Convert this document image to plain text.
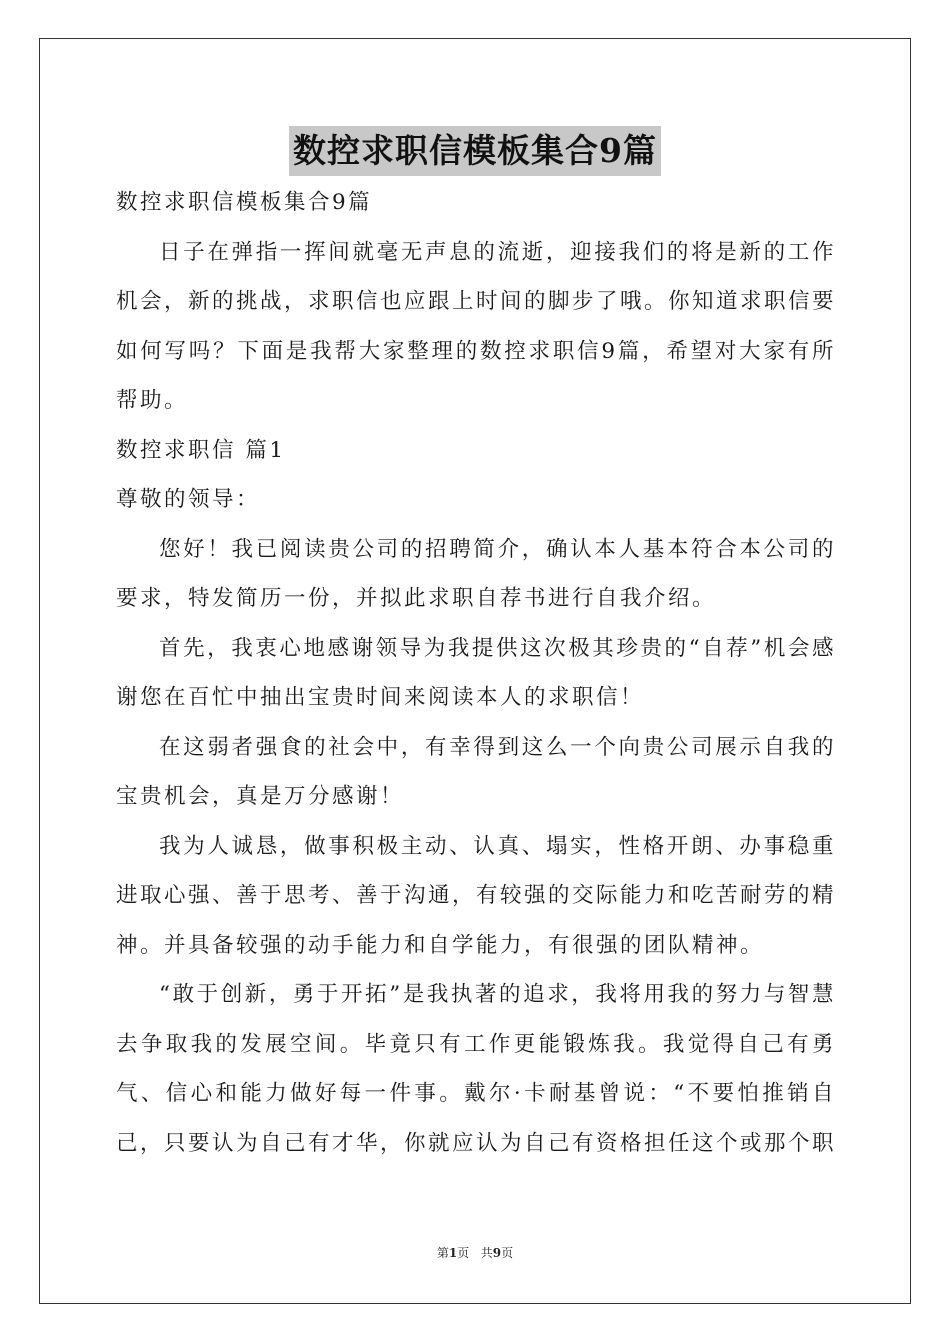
数控求职信模板集合9篇

数控求职信模板集合9篇

日子在弹指一挥间就毫无声息的流逝，迎接我们的将是新的工作机会，新的挑战，求职信也应跟上时间的脚步了哦。你知道求职信要如何写吗？下面是我帮大家整理的数控求职信9篇，希望对大家有所帮助。

数控求职信 篇1

尊敬的领导：

您好！我已阅读贵公司的招聘简介，确认本人基本符合本公司的要求，特发简历一份，并拟此求职自荐书进行自我介绍。

首先，我衷心地感谢领导为我提供这次极其珍贵的“自荐”机会感谢您在百忙中抽出宝贵时间来阅读本人的求职信！

在这弱者强食的社会中，有幸得到这么一个向贵公司展示自我的宝贵机会，真是万分感谢！

我为人诚恳，做事积极主动、认真、塌实，性格开朗、办事稳重进取心强、善于思考、善于沟通，有较强的交际能力和吃苦耐劳的精神。并具备较强的动手能力和自学能力，有很强的团队精神。

“敢于创新，勇于开拓”是我执著的追求，我将用我的努力与智慧去争取我的发展空间。毕竟只有工作更能锻炼我。我觉得自己有勇气、信心和能力做好每一件事。戴尔·卡耐基曾说：“不要怕推销自己，只要认为自己有才华，你就应认为自己有资格担任这个或那个职

第1页   共9页
